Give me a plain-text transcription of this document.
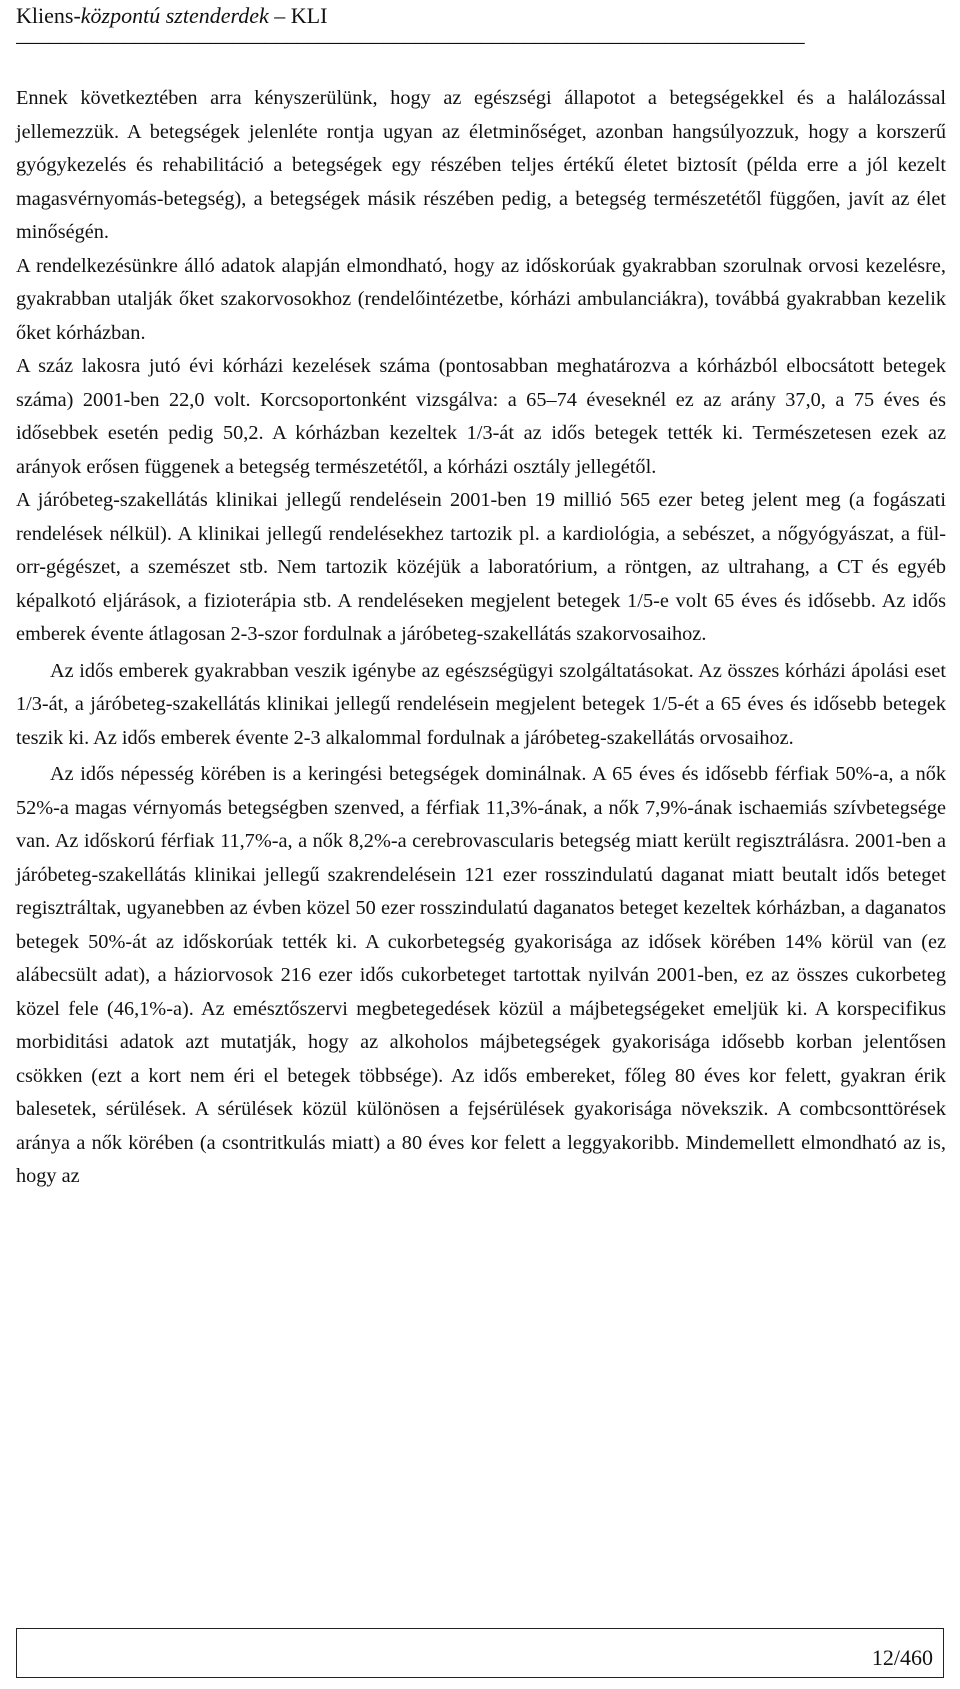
Kliens-központú sztenderdek – KLI
_________________________________________________________________________

Ennek következtében arra kényszerülünk, hogy az egészségi állapotot a betegségekkel és a halálozással jellemezzük. A betegségek jelenléte rontja ugyan az életminőséget, azonban hangsúlyozzuk, hogy a korszerű gyógykezelés és rehabilitáció a betegségek egy részében teljes értékű életet biztosít (példa erre a jól kezelt magasvérnyomás-betegség), a betegségek másik részében pedig, a betegség természetétől függően, javít az élet minőségén.

A rendelkezésünkre álló adatok alapján elmondható, hogy az időskorúak gyakrabban szorulnak orvosi kezelésre, gyakrabban utalják őket szakorvosokhoz (rendelőintézetbe, kórházi ambulanciákra), továbbá gyakrabban kezelik őket kórházban.

A száz lakosra jutó évi kórházi kezelések száma (pontosabban meghatározva a kórházból elbocsátott betegek száma) 2001-ben 22,0 volt. Korcsoportonként vizsgálva: a 65–74 éveseknél ez az arány 37,0, a 75 éves és idősebbek esetén pedig 50,2. A kórházban kezeltek 1/3-át az idős betegek tették ki. Természetesen ezek az arányok erősen függenek a betegség természetétől, a kórházi osztály jellegétől.

A járóbeteg-szakellátás klinikai jellegű rendelésein 2001-ben 19 millió 565 ezer beteg jelent meg (a fogászati rendelések nélkül). A klinikai jellegű rendelésekhez tartozik pl. a kardiológia, a sebészet, a nőgyógyászat, a fül-orr-gégészet, a szemészet stb. Nem tartozik közéjük a laboratórium, a röntgen, az ultrahang, a CT és egyéb képalkotó eljárások, a fizioterápia stb. A rendeléseken megjelent betegek 1/5-e volt 65 éves és idősebb. Az idős emberek évente átlagosan 2-3-szor fordulnak a járóbeteg-szakellátás szakorvosaihoz.

Az idős emberek gyakrabban veszik igénybe az egészségügyi szolgáltatásokat. Az összes kórházi ápolási eset 1/3-át, a járóbeteg-szakellátás klinikai jellegű rendelésein megjelent betegek 1/5-ét a 65 éves és idősebb betegek teszik ki. Az idős emberek évente 2-3 alkalommal fordulnak a járóbeteg-szakellátás orvosaihoz.

Az idős népesség körében is a keringési betegségek dominálnak. A 65 éves és idősebb férfiak 50%-a, a nők 52%-a magas vérnyomás betegségben szenved, a férfiak 11,3%-ának, a nők 7,9%-ának ischaemiás szívbetegsége van. Az időskorú férfiak 11,7%-a, a nők 8,2%-a cerebrovascularis betegség miatt került regisztrálásra. 2001-ben a járóbeteg-szakellátás klinikai jellegű szakrendelésein 121 ezer rosszindulatú daganat miatt beutalt idős beteget regisztráltak, ugyanebben az évben közel 50 ezer rosszindulatú daganatos beteget kezeltek kórházban, a daganatos betegek 50%-át az időskorúak tették ki. A cukorbetegség gyakorisága az idősek körében 14% körül van (ez alábecsült adat), a háziorvosok 216 ezer idős cukorbeteget tartottak nyilván 2001-ben, ez az összes cukorbeteg közel fele (46,1%-a). Az emésztőszervi megbetegedések közül a májbetegségeket emeljük ki. A korspecifikus morbiditási adatok azt mutatják, hogy az alkoholos májbetegségek gyakorisága idősebb korban jelentősen csökken (ezt a kort nem éri el betegek többsége). Az idős embereket, főleg 80 éves kor felett, gyakran érik balesetek, sérülések. A sérülések közül különösen a fejsérülések gyakorisága növekszik. A combcsonttörések aránya a nők körében (a csontritkulás miatt) a 80 éves kor felett a leggyakoribb. Mindemellett elmondható az is, hogy az

12/460
